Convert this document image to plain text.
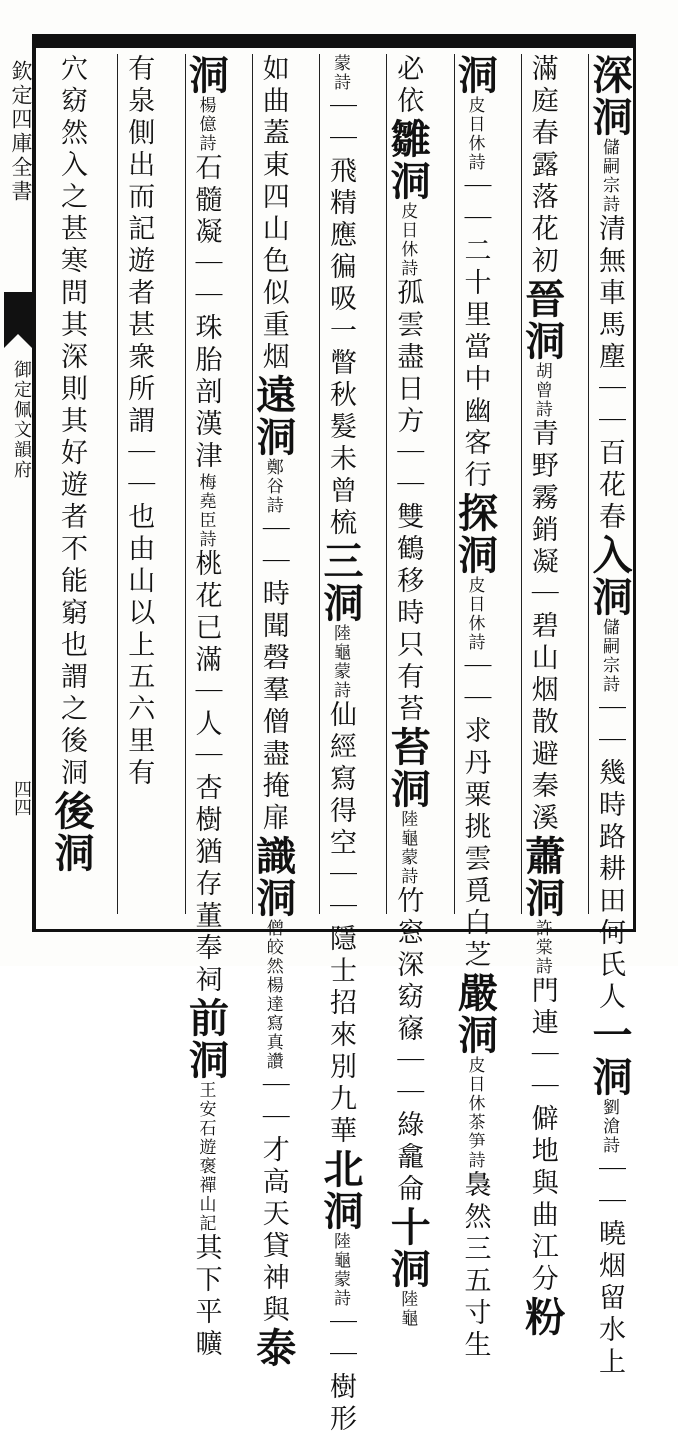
欽定四庫全書
御定佩文韻府
四四
深洞儲嗣宗詩清無車馬塵｜｜百花春入洞儲嗣宗詩｜｜幾時路耕田何氏人一洞劉滄詩｜｜曉烟留水上
滿庭春露落花初晉洞胡曾詩青野霧銷凝｜碧山烟散避秦溪蕭洞許棠詩門連｜｜僻地與曲江分粉
洞皮日休詩｜｜二十里當中幽客行探洞皮日休詩｜｜求丹粟挑雲覓白芝嚴洞皮日休茶笋詩裊然三五寸生
必依雛洞皮日休詩孤雲盡日方｜｜雙鶴移時只有苔苔洞陸龜蒙詩竹窓深窈窱｜｜綠龕侖十洞陸龜
蒙詩｜｜飛精應徧吸一瞥秋髮未曾梳三洞陸龜蒙詩仙經寫得空｜｜隱士招來別九華北洞陸龜蒙詩｜｜樹形
如曲蓋東四山色似重烟遠洞鄭谷詩｜｜時聞磬羣僧盡掩扉識洞僧皎然楊達寫真讚｜｜才高天貸神與泰
洞楊億詩石髓凝｜｜珠胎剖漢津梅堯臣詩桃花已滿｜人｜杏樹猶存董奉祠前洞王安石遊褒禪山記其下平曠
有泉側出而記遊者甚衆所謂｜｜也由山以上五六里有
穴窈然入之甚寒問其深則其好遊者不能窮也謂之後洞後洞
